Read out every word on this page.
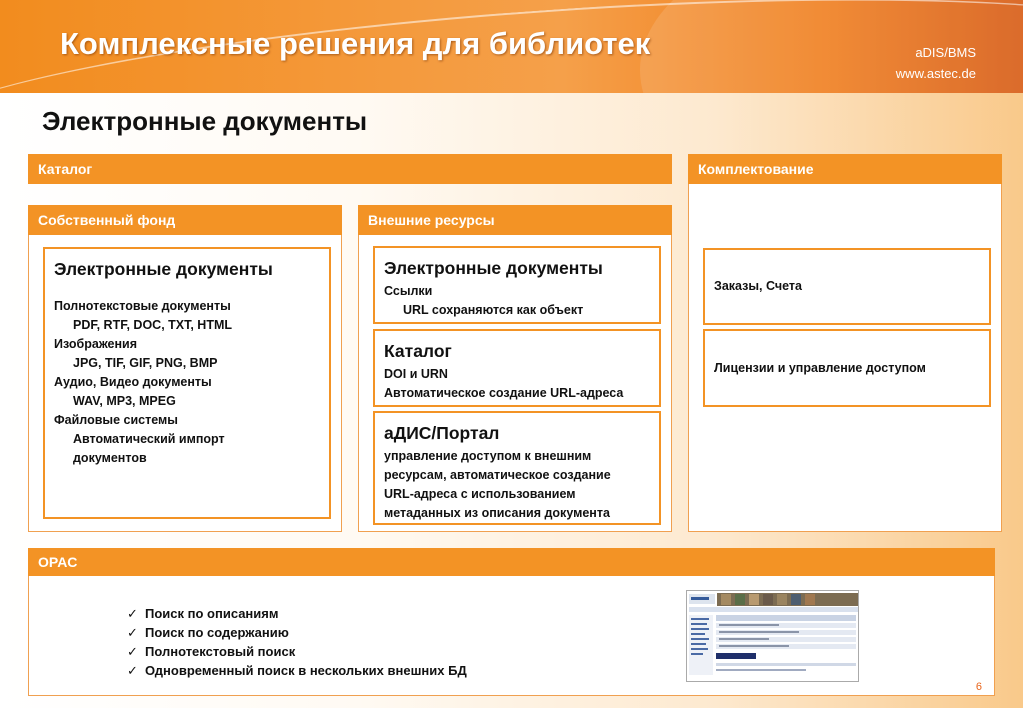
Комплексные решения для библиотек	aDIS/BMS
www.astec.de
Электронные документы
Каталог
Собственный фонд
Электронные документы
Полнотекстовые документы
PDF, RTF, DOC, TXT, HTML
Изображения
JPG, TIF, GIF, PNG, BMP
Аудио, Видео документы
WAV, MP3, MPEG
Файловые системы
Автоматический импорт
документов
Внешние ресурсы
Электронные документы
Ссылки
URL сохраняются как объект
Каталог
DOI и URN
Автоматическое создание URL-адреса
аДИС/Портал
управление доступом к внешним
ресурсам, автоматическое создание
URL-адреса с использованием
метаданных из описания документа
Комплектование
Заказы, Счета
Лицензии и управление доступом
OPAC
✓ Поиск по описаниям
✓ Поиск по содержанию
✓ Полнотекстовый поиск
✓ Одновременный поиск в нескольких внешних БД
6
